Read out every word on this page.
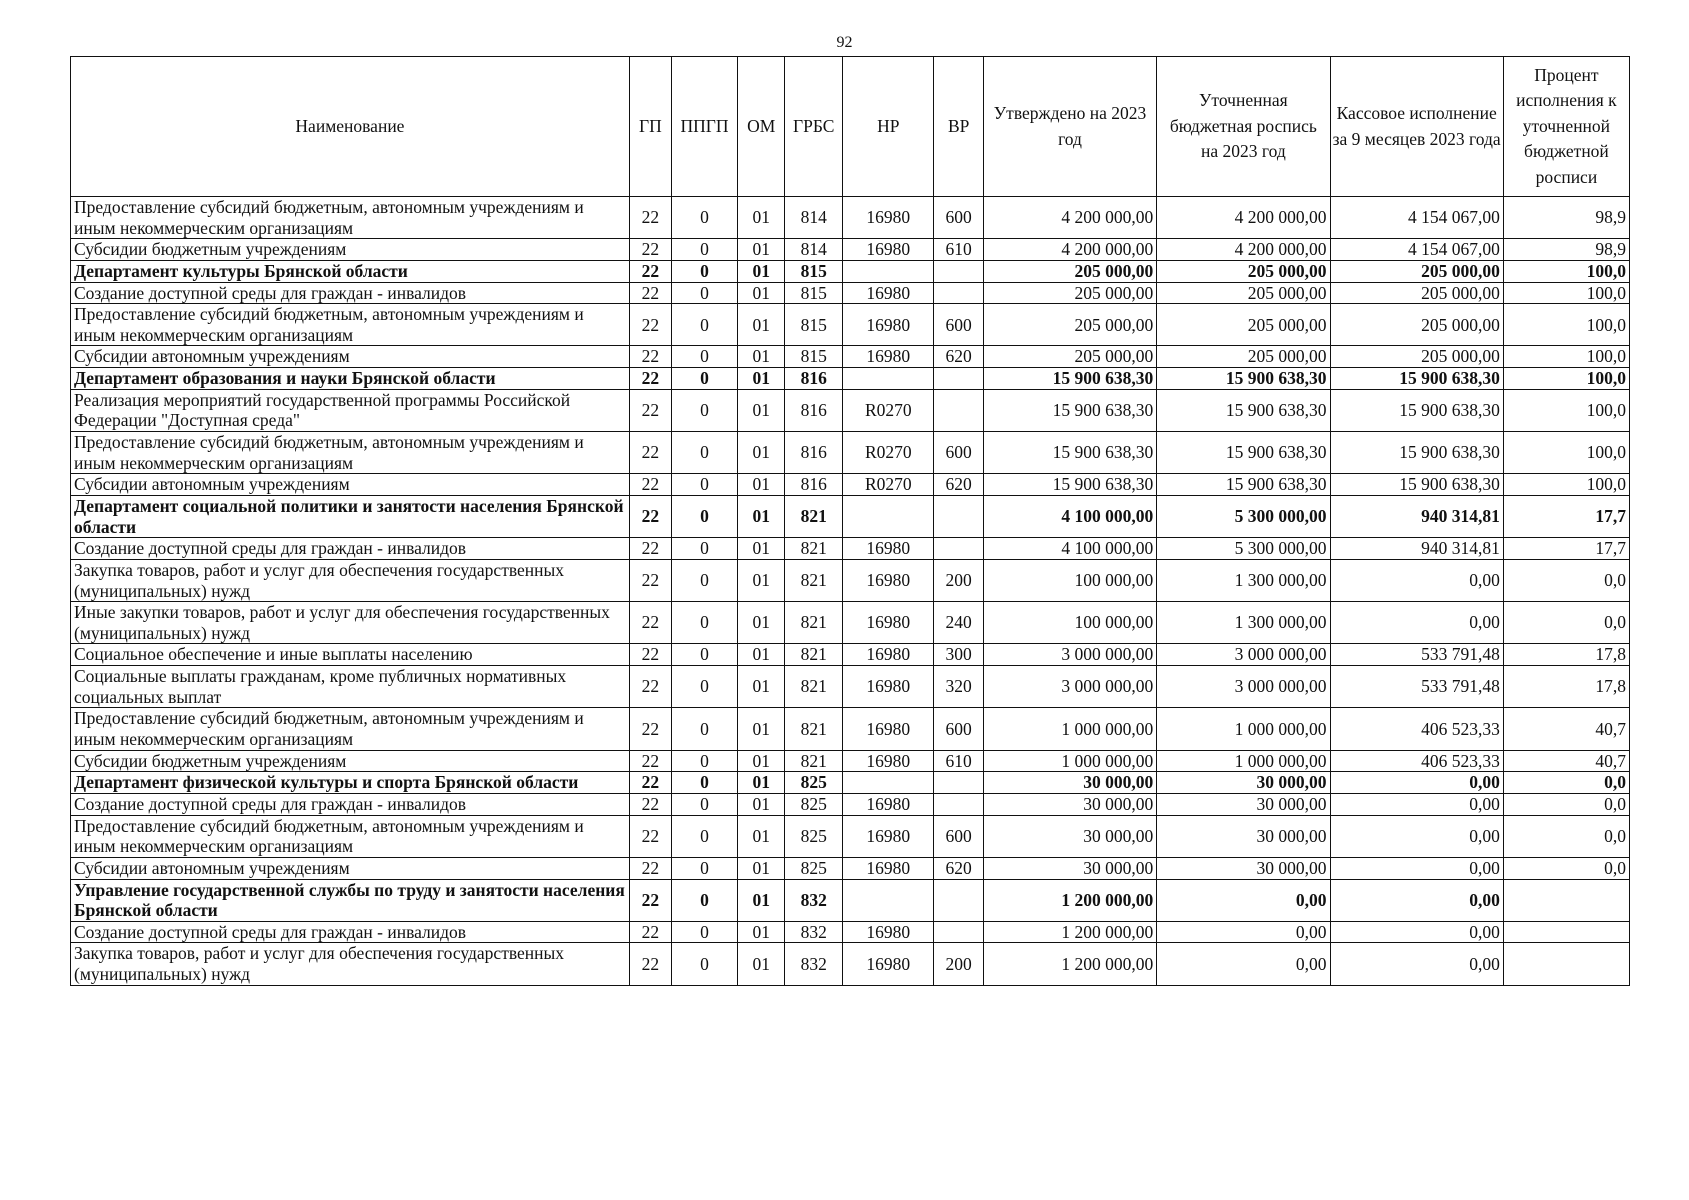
92
Наименование	ГП	ППГП	ОМ	ГРБС	НР	ВР	Утверждено на 2023 год	Уточненная бюджетная роспись на 2023 год	Кассовое исполнение за 9 месяцев 2023 года	Процент исполнения к уточненной бюджетной росписи
Предоставление субсидий бюджетным, автономным учреждениям и иным некоммерческим организациям	22	0	01	814	16980	600	4 200 000,00	4 200 000,00	4 154 067,00	98,9
Субсидии бюджетным учреждениям	22	0	01	814	16980	610	4 200 000,00	4 200 000,00	4 154 067,00	98,9
Департамент культуры Брянской области	22	0	01	815			205 000,00	205 000,00	205 000,00	100,0
Создание доступной среды для граждан - инвалидов	22	0	01	815	16980		205 000,00	205 000,00	205 000,00	100,0
Предоставление субсидий бюджетным, автономным учреждениям и иным некоммерческим организациям	22	0	01	815	16980	600	205 000,00	205 000,00	205 000,00	100,0
Субсидии автономным учреждениям	22	0	01	815	16980	620	205 000,00	205 000,00	205 000,00	100,0
Департамент образования и науки Брянской области	22	0	01	816			15 900 638,30	15 900 638,30	15 900 638,30	100,0
Реализация мероприятий государственной программы Российской Федерации "Доступная среда"	22	0	01	816	R0270		15 900 638,30	15 900 638,30	15 900 638,30	100,0
Предоставление субсидий бюджетным, автономным учреждениям и иным некоммерческим организациям	22	0	01	816	R0270	600	15 900 638,30	15 900 638,30	15 900 638,30	100,0
Субсидии автономным учреждениям	22	0	01	816	R0270	620	15 900 638,30	15 900 638,30	15 900 638,30	100,0
Департамент социальной политики и занятости населения Брянской области	22	0	01	821			4 100 000,00	5 300 000,00	940 314,81	17,7
Создание доступной среды для граждан - инвалидов	22	0	01	821	16980		4 100 000,00	5 300 000,00	940 314,81	17,7
Закупка товаров, работ и услуг для обеспечения государственных (муниципальных) нужд	22	0	01	821	16980	200	100 000,00	1 300 000,00	0,00	0,0
Иные закупки товаров, работ и услуг для обеспечения государственных (муниципальных) нужд	22	0	01	821	16980	240	100 000,00	1 300 000,00	0,00	0,0
Социальное обеспечение и иные выплаты населению	22	0	01	821	16980	300	3 000 000,00	3 000 000,00	533 791,48	17,8
Социальные выплаты гражданам, кроме публичных нормативных социальных выплат	22	0	01	821	16980	320	3 000 000,00	3 000 000,00	533 791,48	17,8
Предоставление субсидий бюджетным, автономным учреждениям и иным некоммерческим организациям	22	0	01	821	16980	600	1 000 000,00	1 000 000,00	406 523,33	40,7
Субсидии бюджетным учреждениям	22	0	01	821	16980	610	1 000 000,00	1 000 000,00	406 523,33	40,7
Департамент физической культуры и спорта Брянской области	22	0	01	825			30 000,00	30 000,00	0,00	0,0
Создание доступной среды для граждан - инвалидов	22	0	01	825	16980		30 000,00	30 000,00	0,00	0,0
Предоставление субсидий бюджетным, автономным учреждениям и иным некоммерческим организациям	22	0	01	825	16980	600	30 000,00	30 000,00	0,00	0,0
Субсидии автономным учреждениям	22	0	01	825	16980	620	30 000,00	30 000,00	0,00	0,0
Управление государственной службы по труду и занятости населения Брянской области	22	0	01	832			1 200 000,00	0,00	0,00	
Создание доступной среды для граждан - инвалидов	22	0	01	832	16980		1 200 000,00	0,00	0,00	
Закупка товаров, работ и услуг для обеспечения государственных (муниципальных) нужд	22	0	01	832	16980	200	1 200 000,00	0,00	0,00	
